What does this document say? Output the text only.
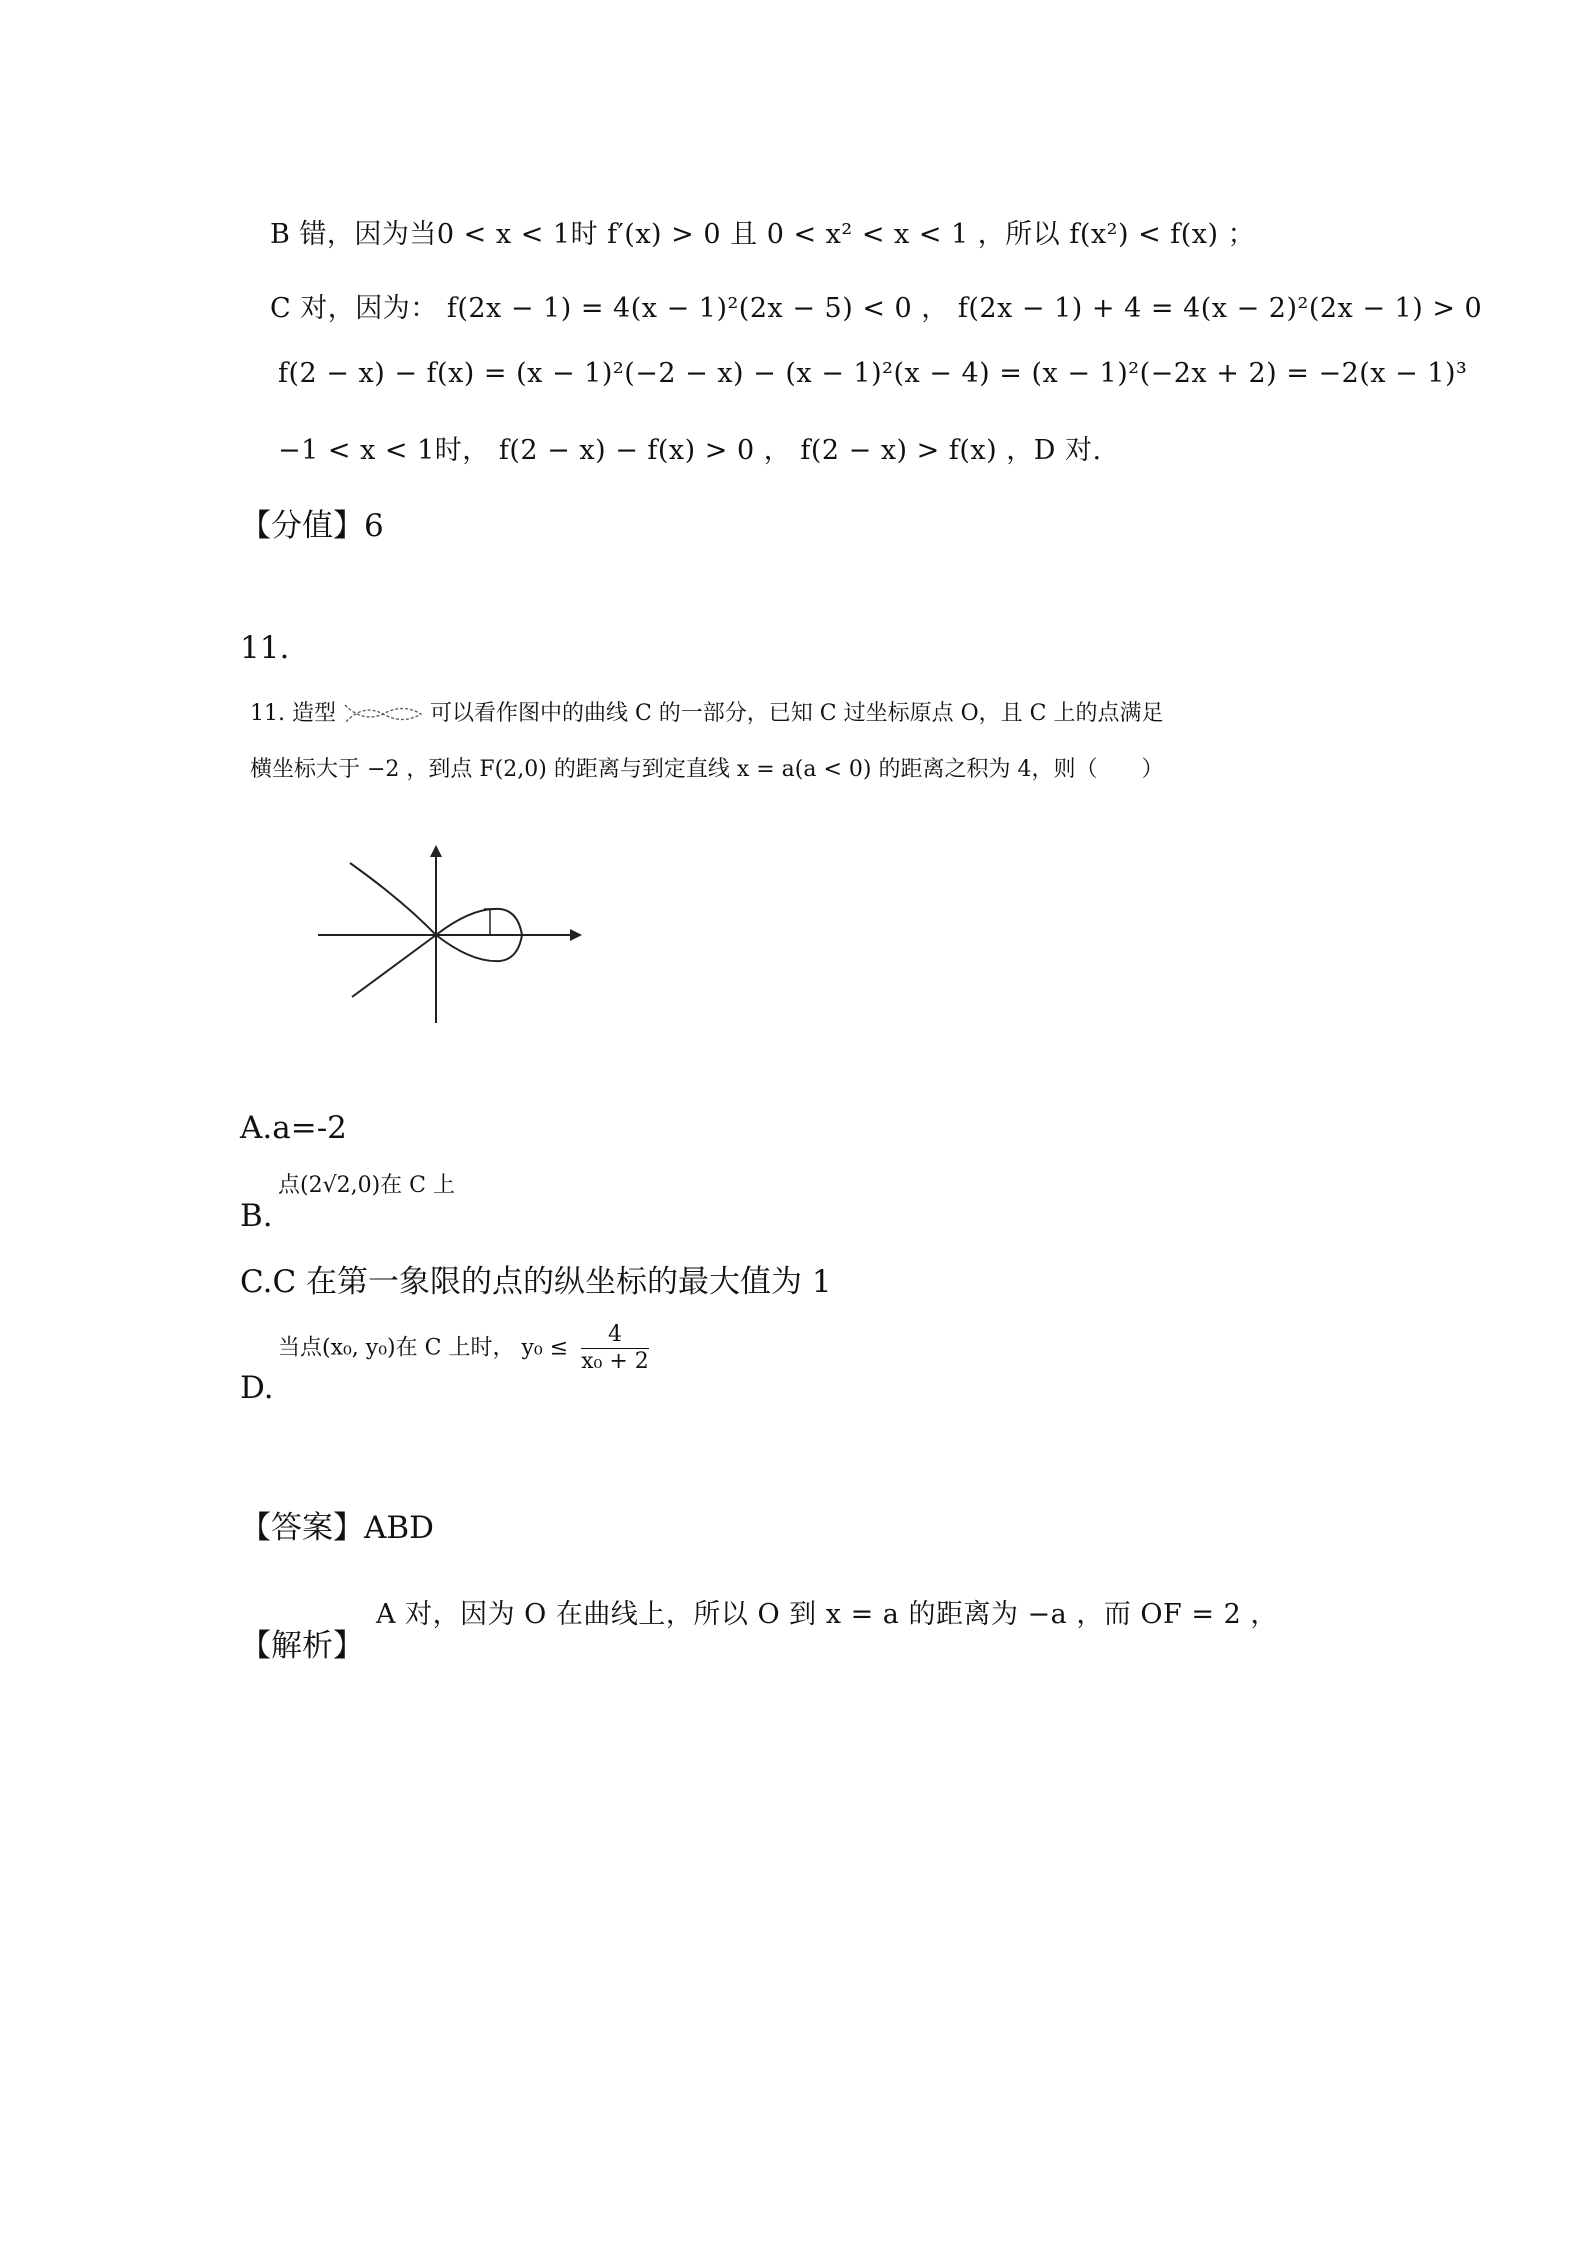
B 错，因为当0 < x < 1时 f′(x) > 0 且 0 < x² < x < 1 ，所以 f(x²) < f(x) ；
C 对，因为： f(2x − 1) = 4(x − 1)²(2x − 5) < 0 ， f(2x − 1) + 4 = 4(x − 2)²(2x − 1) > 0
f(2 − x) − f(x) = (x − 1)²(−2 − x) − (x − 1)²(x − 4) = (x − 1)²(−2x + 2) = −2(x − 1)³
−1 < x < 1时， f(2 − x) − f(x) > 0 ， f(2 − x) > f(x) ，D 对.
【分值】6
11.
11. 造型	可以看作图中的曲线 C 的一部分，已知 C 过坐标原点 O，且 C 上的点满足
横坐标大于 −2 ，到点 F(2,0) 的距离与到定直线 x = a(a < 0) 的距离之积为 4，则（　　）
A.a=-2
点(2√2,0)在 C 上
B.
C.C 在第一象限的点的纵坐标的最大值为 1
当点(x₀, y₀)在 C 上时， $y_0 \le \frac{4}{\text{x₀ + 2}}$
D.
【答案】ABD
A 对，因为 O 在曲线上，所以 O 到 x = a 的距离为 −a ，而 OF = 2 ，
【解析】
